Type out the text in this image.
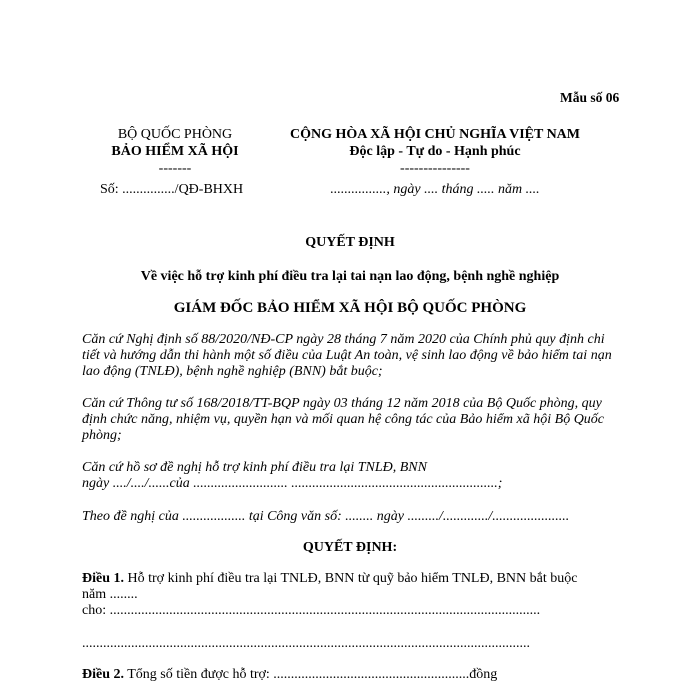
Mẫu số 06
BỘ QUỐC PHÒNG
BẢO HIỂM XÃ HỘI
-------
Số: .............../QĐ-BHXH
CỘNG HÒA XÃ HỘI CHỦ NGHĨA VIỆT NAM
Độc lập - Tự do - Hạnh phúc
---------------
................, ngày .... tháng ..... năm ....
QUYẾT ĐỊNH
Về việc hỗ trợ kinh phí điều tra lại tai nạn lao động, bệnh nghề nghiệp
GIÁM ĐỐC BẢO HIỂM XÃ HỘI BỘ QUỐC PHÒNG
Căn cứ Nghị định số 88/2020/NĐ-CP ngày 28 tháng 7 năm 2020 của Chính phủ quy định chi tiết và hướng dẫn thi hành một số điều của Luật An toàn, vệ sinh lao động về bảo hiểm tai nạn lao động (TNLĐ), bệnh nghề nghiệp (BNN) bắt buộc;
Căn cứ Thông tư số 168/2018/TT-BQP ngày 03 tháng 12 năm 2018 của Bộ Quốc phòng, quy định chức năng, nhiệm vụ, quyền hạn và mối quan hệ công tác của Bảo hiểm xã hội Bộ Quốc phòng;
Căn cứ hồ sơ đề nghị hỗ trợ kinh phí điều tra lại TNLĐ, BNN
ngày ..../..../......của ........................... ...........................................................;
Theo đề nghị của .................. tại Công văn số: ........ ngày ........./............./......................
QUYẾT ĐỊNH:
Điều 1. Hỗ trợ kinh phí điều tra lại TNLĐ, BNN từ quỹ bảo hiểm TNLĐ, BNN bắt buộc
năm ........
cho: ...........................................................................................................................
................................................................................................................................
Điều 2. Tổng số tiền được hỗ trợ: ........................................................đồng
